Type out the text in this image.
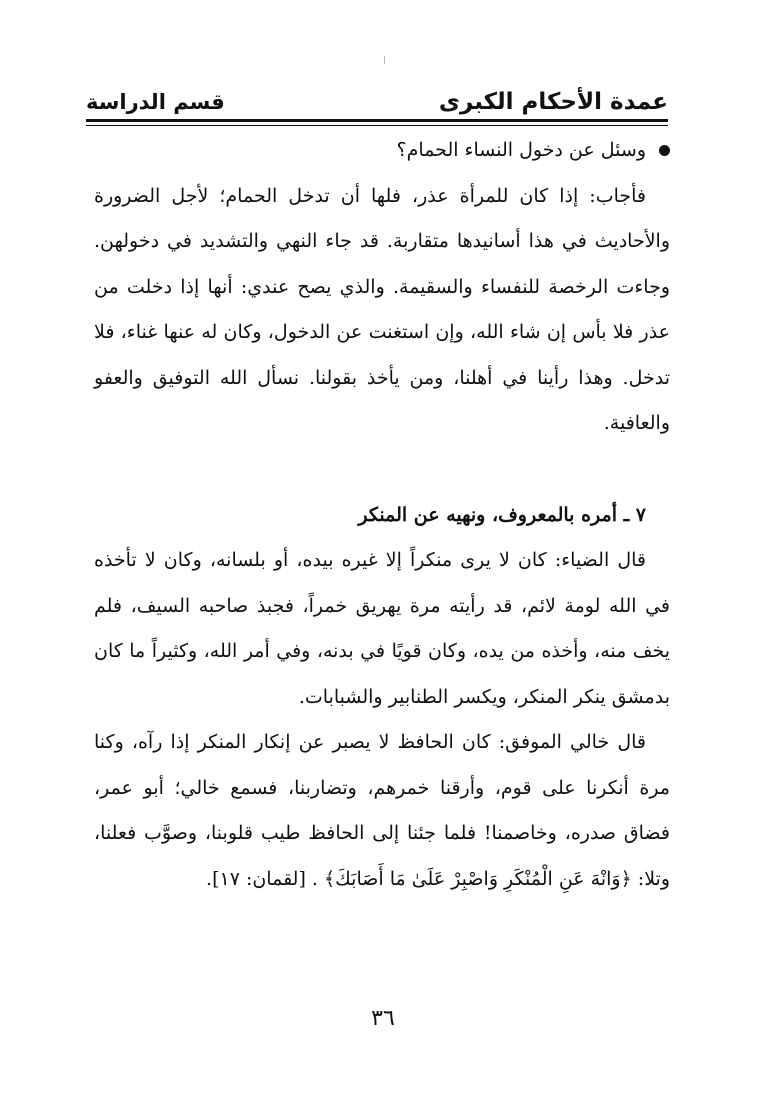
عمدة الأحكام الكبرى
قسم الدراسة

وسئل عن دخول النساء الحمام؟

فأجاب: إذا كان للمرأة عذر، فلها أن تدخل الحمام؛ لأجل الضرورة والأحاديث في هذا أسانيدها متقاربة. قد جاء النهي والتشديد في دخولهن. وجاءت الرخصة للنفساء والسقيمة. والذي يصح عندي: أنها إذا دخلت من عذر فلا بأس إن شاء الله، وإن استغنت عن الدخول، وكان له عنها غناء، فلا تدخل. وهذا رأينا في أهلنا، ومن يأخذ بقولنا. نسأل الله التوفيق والعفو والعافية.

٧ ـ أمره بالمعروف، ونهيه عن المنكر

قال الضياء: كان لا يرى منكراً إلا غيره بيده، أو بلسانه، وكان لا تأخذه في الله لومة لائم، قد رأيته مرة يهريق خمراً، فجبذ صاحبه السيف، فلم يخف منه، وأخذه من يده، وكان قويًا في بدنه، وفي أمر الله، وكثيراً ما كان بدمشق ينكر المنكر، ويكسر الطنابير والشبابات.

قال خالي الموفق: كان الحافظ لا يصبر عن إنكار المنكر إذا رآه، وكنا مرة أنكرنا على قوم، وأرقنا خمرهم، وتضاربنا، فسمع خالي؛ أبو عمر، فضاق صدره، وخاصمنا! فلما جئنا إلى الحافظ طيب قلوبنا، وصوَّب فعلنا، وتلا: ﴿وَانْهَ عَنِ الْمُنْكَرِ وَاصْبِرْ عَلَىٰ مَا أَصَابَكَ﴾ . [لقمان: ١٧].

٣٦
